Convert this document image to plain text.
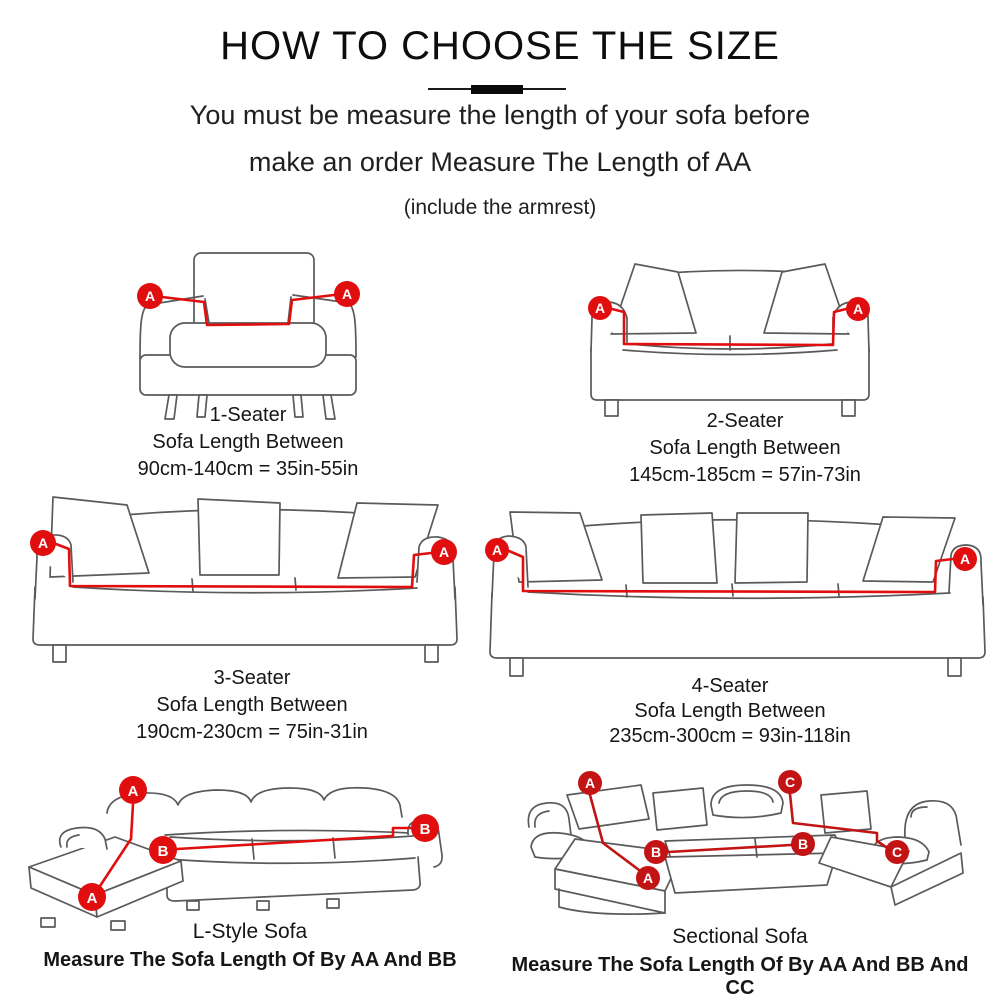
HOW TO CHOOSE THE SIZE

You must be measure the length of your sofa before

make an order Measure The Length of AA

(include the armrest)

A	A
1-Seater
Sofa Length Between
90cm-140cm = 35in-55in
A	A
2-Seater
Sofa Length Between
145cm-185cm = 57in-73in
A
A
3-Seater
Sofa Length Between
190cm-230cm = 75in-31in
A
A
4-Seater
Sofa Length Between
235cm-300cm = 93in-118in
A
A
B
B
L-Style Sofa
Measure The Sofa Length Of By AA And BB
A
A
B	B
C
C
Sectional Sofa
Measure The Sofa Length Of By AA And BB And CC
